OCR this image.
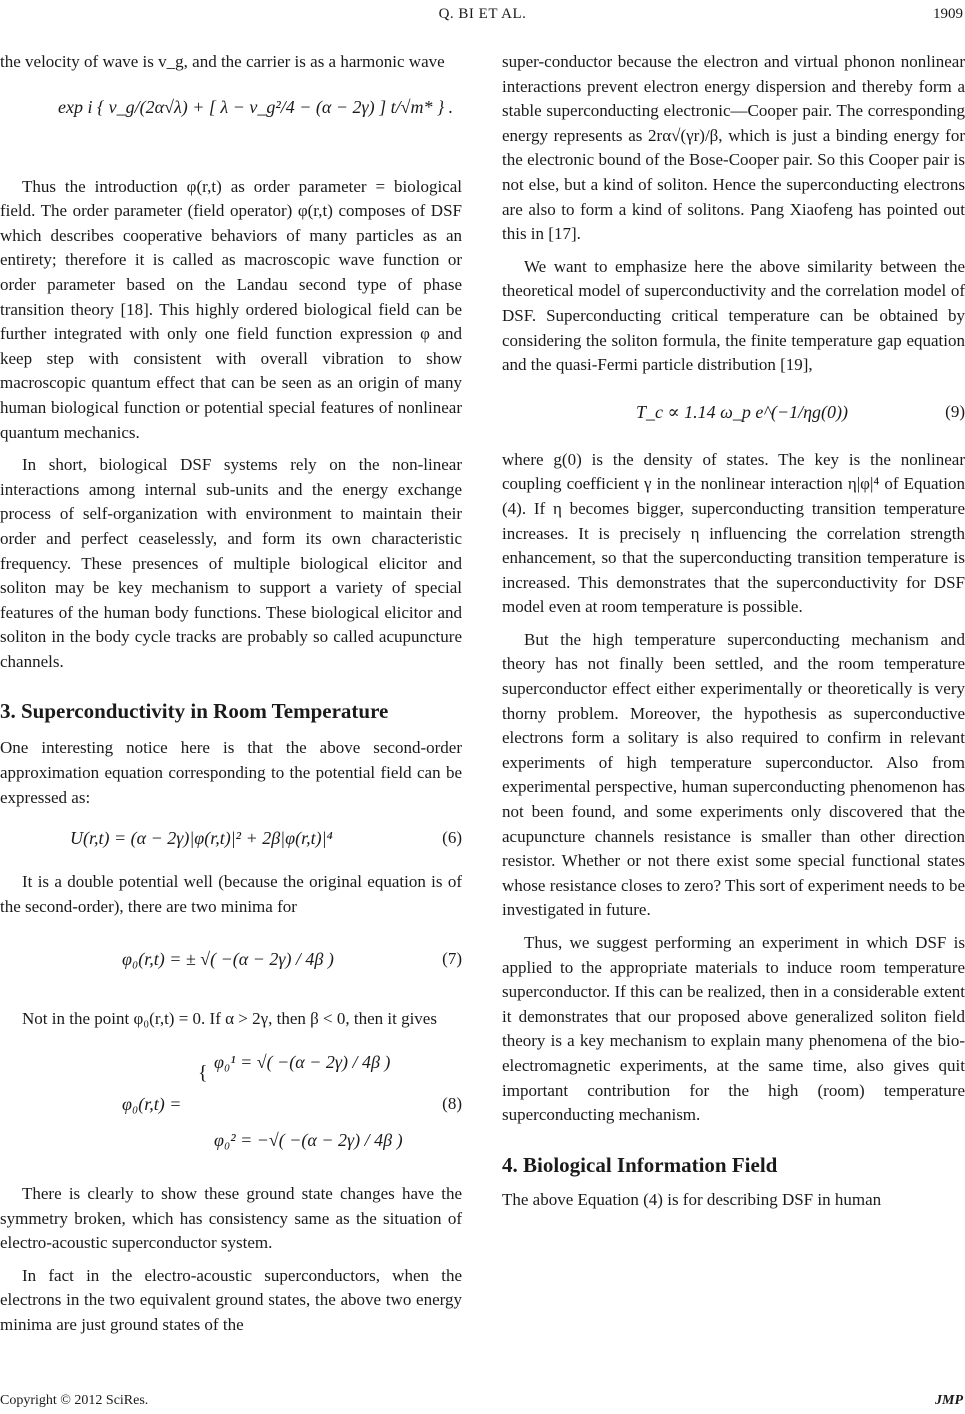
Q. BI ET AL.	1909

the velocity of wave is v_g, and the carrier is as a harmonic wave

exp i { v_g/(2α√λ) + [ λ − v_g²/4 − (α − 2γ) ] t/√m* } .

Thus the introduction φ(r,t) as order parameter = biological field. The order parameter (field operator) φ(r,t) composes of DSF which describes cooperative behaviors of many particles as an entirety; therefore it is called as macroscopic wave function or order parameter based on the Landau second type of phase transition theory [18]. This highly ordered biological field can be further integrated with only one field function expression φ and keep step with consistent with overall vibration to show macroscopic quantum effect that can be seen as an origin of many human biological function or potential special features of nonlinear quantum mechanics.

In short, biological DSF systems rely on the non-linear interactions among internal sub-units and the energy exchange process of self-organization with environment to maintain their order and perfect ceaselessly, and form its own characteristic frequency. These presences of multiple biological elicitor and soliton may be key mechanism to support a variety of special features of the human body functions. These biological elicitor and soliton in the body cycle tracks are probably so called acupuncture channels.

3. Superconductivity in Room Temperature

One interesting notice here is that the above second-order approximation equation corresponding to the potential field can be expressed as:

U(r,t) = (α − 2γ)|φ(r,t)|² + 2β|φ(r,t)|⁴	(6)

It is a double potential well (because the original equation is of the second-order), there are two minima for

φ₀(r,t) = ± √( −(α − 2γ) / 4β )	(7)

Not in the point φ₀(r,t) = 0. If α > 2γ, then β < 0, then it gives

φ₀(r,t) =
{ φ₀¹ = √( −(α − 2γ) / 4β )
φ₀² = −√( −(α − 2γ) / 4β )
(8)

There is clearly to show these ground state changes have the symmetry broken, which has consistency same as the situation of electro-acoustic superconductor system.

In fact in the electro-acoustic superconductors, when the electrons in the two equivalent ground states, the above two energy minima are just ground states of the

super-conductor because the electron and virtual phonon nonlinear interactions prevent electron energy dispersion and thereby form a stable superconducting electronic—Cooper pair. The corresponding energy represents as 2rα√(γr)/β, which is just a binding energy for the electronic bound of the Bose-Cooper pair. So this Cooper pair is not else, but a kind of soliton. Hence the superconducting electrons are also to form a kind of solitons. Pang Xiaofeng has pointed out this in [17].

We want to emphasize here the above similarity between the theoretical model of superconductivity and the correlation model of DSF. Superconducting critical temperature can be obtained by considering the soliton formula, the finite temperature gap equation and the quasi-Fermi particle distribution [19],

T_c ∝ 1.14 ω_p e^(−1/ηg(0))	(9)

where g(0) is the density of states. The key is the nonlinear coupling coefficient γ in the nonlinear interaction η|φ|⁴ of Equation (4). If η becomes bigger, superconducting transition temperature increases. It is precisely η influencing the correlation strength enhancement, so that the superconducting transition temperature is increased. This demonstrates that the superconductivity for DSF model even at room temperature is possible.

But the high temperature superconducting mechanism and theory has not finally been settled, and the room temperature superconductor effect either experimentally or theoretically is very thorny problem. Moreover, the hypothesis as superconductive electrons form a solitary is also required to confirm in relevant experiments of high temperature superconductor. Also from experimental perspective, human superconducting phenomenon has not been found, and some experiments only discovered that the acupuncture channels resistance is smaller than other direction resistor. Whether or not there exist some special functional states whose resistance closes to zero? This sort of experiment needs to be investigated in future.

Thus, we suggest performing an experiment in which DSF is applied to the appropriate materials to induce room temperature superconductor. If this can be realized, then in a considerable extent it demonstrates that our proposed above generalized soliton field theory is a key mechanism to explain many phenomena of the bio-electromagnetic experiments, at the same time, also gives quit important contribution for the high (room) temperature superconducting mechanism.

4. Biological Information Field

The above Equation (4) is for describing DSF in human

Copyright © 2012 SciRes.	JMP
